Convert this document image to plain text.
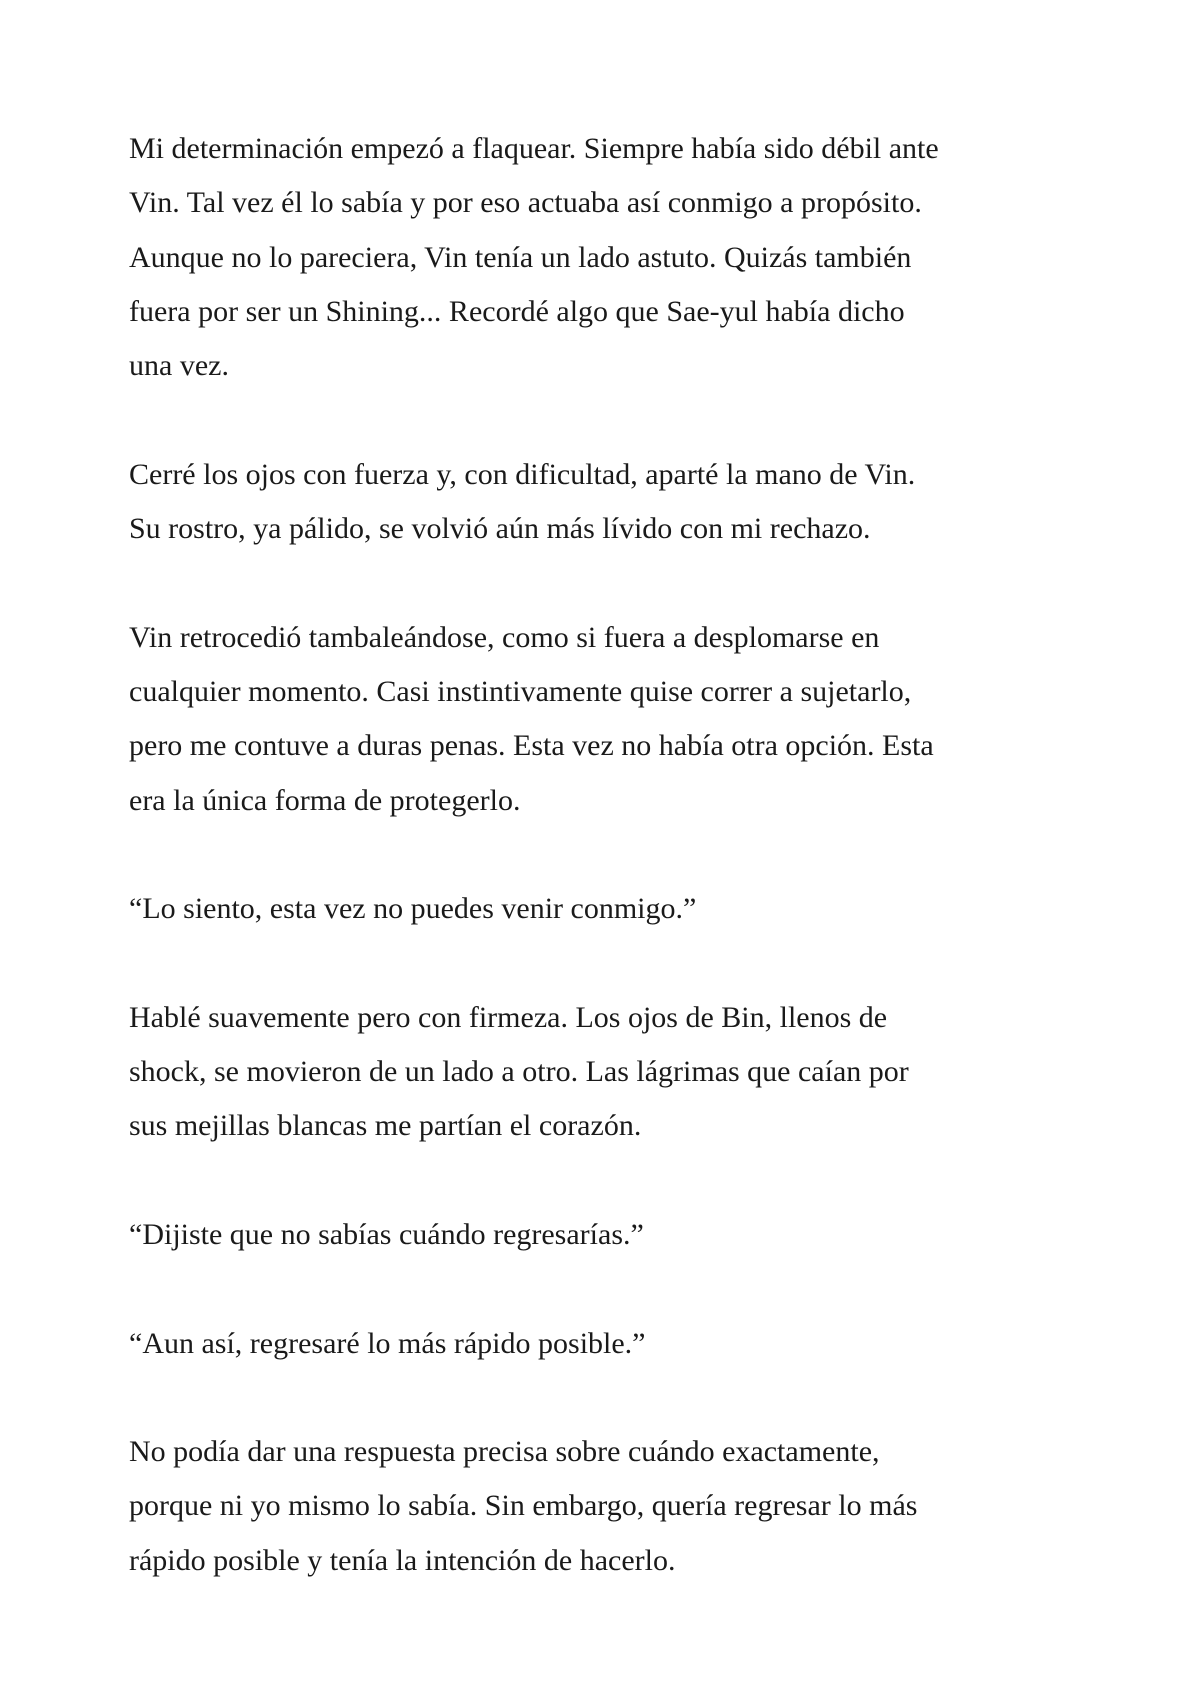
Mi determinación empezó a flaquear. Siempre había sido débil ante
Vin. Tal vez él lo sabía y por eso actuaba así conmigo a propósito.
Aunque no lo pareciera, Vin tenía un lado astuto. Quizás también
fuera por ser un Shining... Recordé algo que Sae-yul había dicho
una vez.

Cerré los ojos con fuerza y, con dificultad, aparté la mano de Vin.
Su rostro, ya pálido, se volvió aún más lívido con mi rechazo.

Vin retrocedió tambaleándose, como si fuera a desplomarse en
cualquier momento. Casi instintivamente quise correr a sujetarlo,
pero me contuve a duras penas. Esta vez no había otra opción. Esta
era la única forma de protegerlo.

“Lo siento, esta vez no puedes venir conmigo.”

Hablé suavemente pero con firmeza. Los ojos de Bin, llenos de
shock, se movieron de un lado a otro. Las lágrimas que caían por
sus mejillas blancas me partían el corazón.

“Dijiste que no sabías cuándo regresarías.”

“Aun así, regresaré lo más rápido posible.”

No podía dar una respuesta precisa sobre cuándo exactamente,
porque ni yo mismo lo sabía. Sin embargo, quería regresar lo más
rápido posible y tenía la intención de hacerlo.
